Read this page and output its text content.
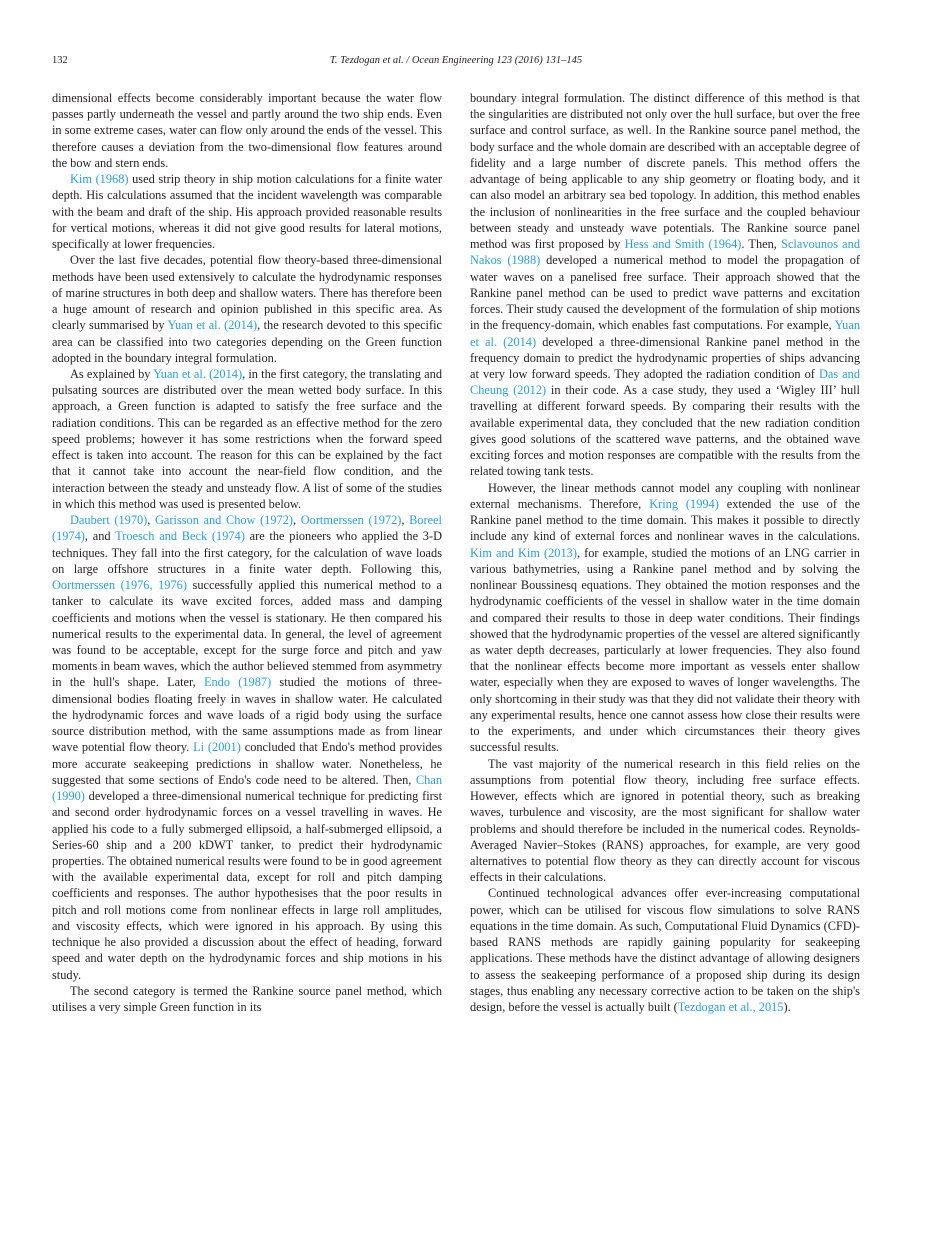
132	T. Tezdogan et al. / Ocean Engineering 123 (2016) 131–145

dimensional effects become considerably important because the water flow passes partly underneath the vessel and partly around the two ship ends. Even in some extreme cases, water can flow only around the ends of the vessel. This therefore causes a deviation from the two-dimensional flow features around the bow and stern ends.

Kim (1968) used strip theory in ship motion calculations for a finite water depth. His calculations assumed that the incident wavelength was comparable with the beam and draft of the ship. His approach provided reasonable results for vertical motions, whereas it did not give good results for lateral motions, specifically at lower frequencies.

Over the last five decades, potential flow theory-based three-dimensional methods have been used extensively to calculate the hydrodynamic responses of marine structures in both deep and shallow waters. There has therefore been a huge amount of research and opinion published in this specific area. As clearly summarised by Yuan et al. (2014), the research devoted to this specific area can be classified into two categories depending on the Green function adopted in the boundary integral formulation.

As explained by Yuan et al. (2014), in the first category, the translating and pulsating sources are distributed over the mean wetted body surface. In this approach, a Green function is adapted to satisfy the free surface and the radiation conditions. This can be regarded as an effective method for the zero speed problems; however it has some restrictions when the forward speed effect is taken into account. The reason for this can be explained by the fact that it cannot take into account the near-field flow condition, and the interaction between the steady and unsteady flow. A list of some of the studies in which this method was used is presented below.

Daubert (1970), Garisson and Chow (1972), Oortmerssen (1972), Boreel (1974), and Troesch and Beck (1974) are the pioneers who applied the 3-D techniques. They fall into the first category, for the calculation of wave loads on large offshore structures in a finite water depth. Following this, Oortmerssen (1976, 1976) successfully applied this numerical method to a tanker to calculate its wave excited forces, added mass and damping coefficients and motions when the vessel is stationary. He then compared his numerical results to the experimental data. In general, the level of agreement was found to be acceptable, except for the surge force and pitch and yaw moments in beam waves, which the author believed stemmed from asymmetry in the hull's shape. Later, Endo (1987) studied the motions of three-dimensional bodies floating freely in waves in shallow water. He calculated the hydrodynamic forces and wave loads of a rigid body using the surface source distribution method, with the same assumptions made as from linear wave potential flow theory. Li (2001) concluded that Endo's method provides more accurate seakeeping predictions in shallow water. Nonetheless, he suggested that some sections of Endo's code need to be altered. Then, Chan (1990) developed a three-dimensional numerical technique for predicting first and second order hydrodynamic forces on a vessel travelling in waves. He applied his code to a fully submerged ellipsoid, a half-submerged ellipsoid, a Series-60 ship and a 200 kDWT tanker, to predict their hydrodynamic properties. The obtained numerical results were found to be in good agreement with the available experimental data, except for roll and pitch damping coefficients and responses. The author hypothesises that the poor results in pitch and roll motions come from nonlinear effects in large roll amplitudes, and viscosity effects, which were ignored in his approach. By using this technique he also provided a discussion about the effect of heading, forward speed and water depth on the hydrodynamic forces and ship motions in his study.

The second category is termed the Rankine source panel method, which utilises a very simple Green function in its

boundary integral formulation. The distinct difference of this method is that the singularities are distributed not only over the hull surface, but over the free surface and control surface, as well. In the Rankine source panel method, the body surface and the whole domain are described with an acceptable degree of fidelity and a large number of discrete panels. This method offers the advantage of being applicable to any ship geometry or floating body, and it can also model an arbitrary sea bed topology. In addition, this method enables the inclusion of nonlinearities in the free surface and the coupled behaviour between steady and unsteady wave potentials. The Rankine source panel method was first proposed by Hess and Smith (1964). Then, Sclavounos and Nakos (1988) developed a numerical method to model the propagation of water waves on a panelised free surface. Their approach showed that the Rankine panel method can be used to predict wave patterns and excitation forces. Their study caused the development of the formulation of ship motions in the frequency-domain, which enables fast computations. For example, Yuan et al. (2014) developed a three-dimensional Rankine panel method in the frequency domain to predict the hydrodynamic properties of ships advancing at very low forward speeds. They adopted the radiation condition of Das and Cheung (2012) in their code. As a case study, they used a ‘Wigley III’ hull travelling at different forward speeds. By comparing their results with the available experimental data, they concluded that the new radiation condition gives good solutions of the scattered wave patterns, and the obtained wave exciting forces and motion responses are compatible with the results from the related towing tank tests.

However, the linear methods cannot model any coupling with nonlinear external mechanisms. Therefore, Kring (1994) extended the use of the Rankine panel method to the time domain. This makes it possible to directly include any kind of external forces and nonlinear waves in the calculations. Kim and Kim (2013), for example, studied the motions of an LNG carrier in various bathymetries, using a Rankine panel method and by solving the nonlinear Boussinesq equations. They obtained the motion responses and the hydrodynamic coefficients of the vessel in shallow water in the time domain and compared their results to those in deep water conditions. Their findings showed that the hydrodynamic properties of the vessel are altered significantly as water depth decreases, particularly at lower frequencies. They also found that the nonlinear effects become more important as vessels enter shallow water, especially when they are exposed to waves of longer wavelengths. The only shortcoming in their study was that they did not validate their theory with any experimental results, hence one cannot assess how close their results were to the experiments, and under which circumstances their theory gives successful results.

The vast majority of the numerical research in this field relies on the assumptions from potential flow theory, including free surface effects. However, effects which are ignored in potential theory, such as breaking waves, turbulence and viscosity, are the most significant for shallow water problems and should therefore be included in the numerical codes. Reynolds-Averaged Navier–Stokes (RANS) approaches, for example, are very good alternatives to potential flow theory as they can directly account for viscous effects in their calculations.

Continued technological advances offer ever-increasing computational power, which can be utilised for viscous flow simulations to solve RANS equations in the time domain. As such, Computational Fluid Dynamics (CFD)-based RANS methods are rapidly gaining popularity for seakeeping applications. These methods have the distinct advantage of allowing designers to assess the seakeeping performance of a proposed ship during its design stages, thus enabling any necessary corrective action to be taken on the ship's design, before the vessel is actually built (Tezdogan et al., 2015).
